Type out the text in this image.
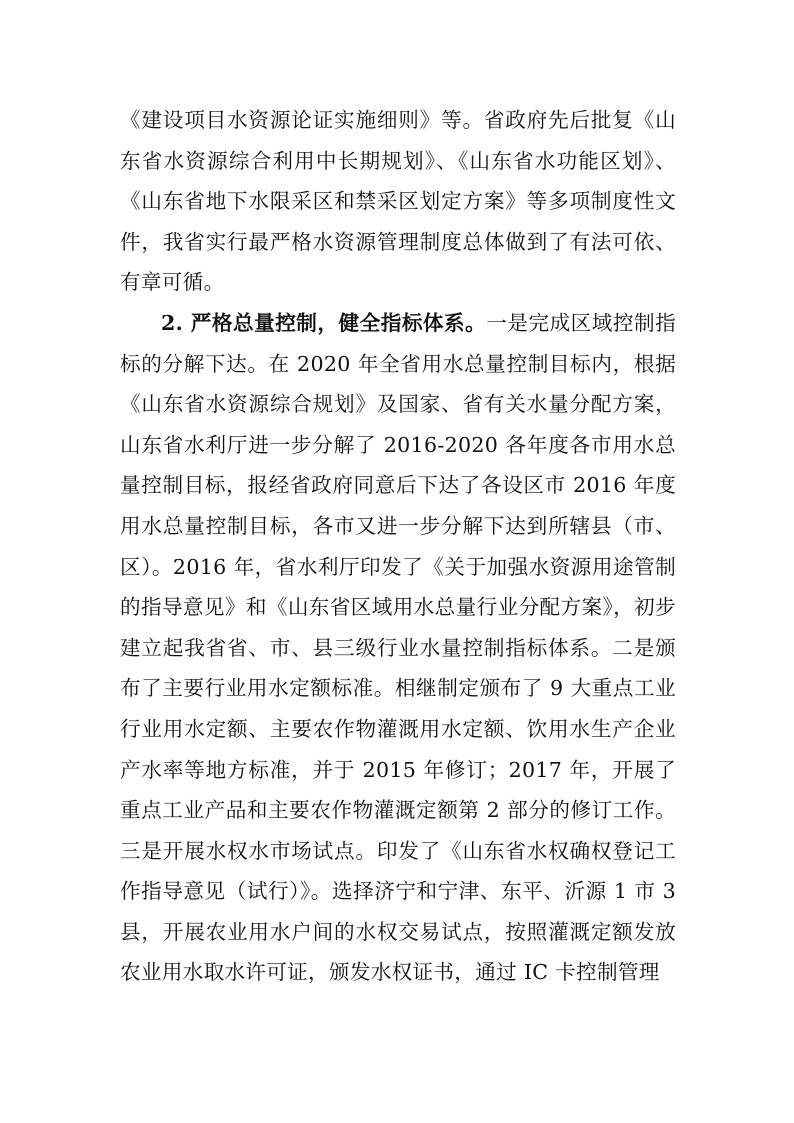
《建设项目水资源论证实施细则》等。省政府先后批复《山东省水资源综合利用中长期规划》、《山东省水功能区划》、《山东省地下水限采区和禁采区划定方案》等多项制度性文件，我省实行最严格水资源管理制度总体做到了有法可依、有章可循。

2. 严格总量控制，健全指标体系。一是完成区域控制指标的分解下达。在 2020 年全省用水总量控制目标内，根据《山东省水资源综合规划》及国家、省有关水量分配方案，山东省水利厅进一步分解了 2016-2020 各年度各市用水总量控制目标，报经省政府同意后下达了各设区市 2016 年度用水总量控制目标，各市又进一步分解下达到所辖县（市、区）。2016 年，省水利厅印发了《关于加强水资源用途管制的指导意见》和《山东省区域用水总量行业分配方案》，初步建立起我省省、市、县三级行业水量控制指标体系。二是颁布了主要行业用水定额标准。相继制定颁布了 9 大重点工业行业用水定额、主要农作物灌溉用水定额、饮用水生产企业产水率等地方标准，并于 2015 年修订；2017 年，开展了重点工业产品和主要农作物灌溉定额第 2 部分的修订工作。三是开展水权水市场试点。印发了《山东省水权确权登记工作指导意见（试行）》。选择济宁和宁津、东平、沂源 1 市 3 县，开展农业用水户间的水权交易试点，按照灌溉定额发放农业用水取水许可证，颁发水权证书，通过 IC 卡控制管理
